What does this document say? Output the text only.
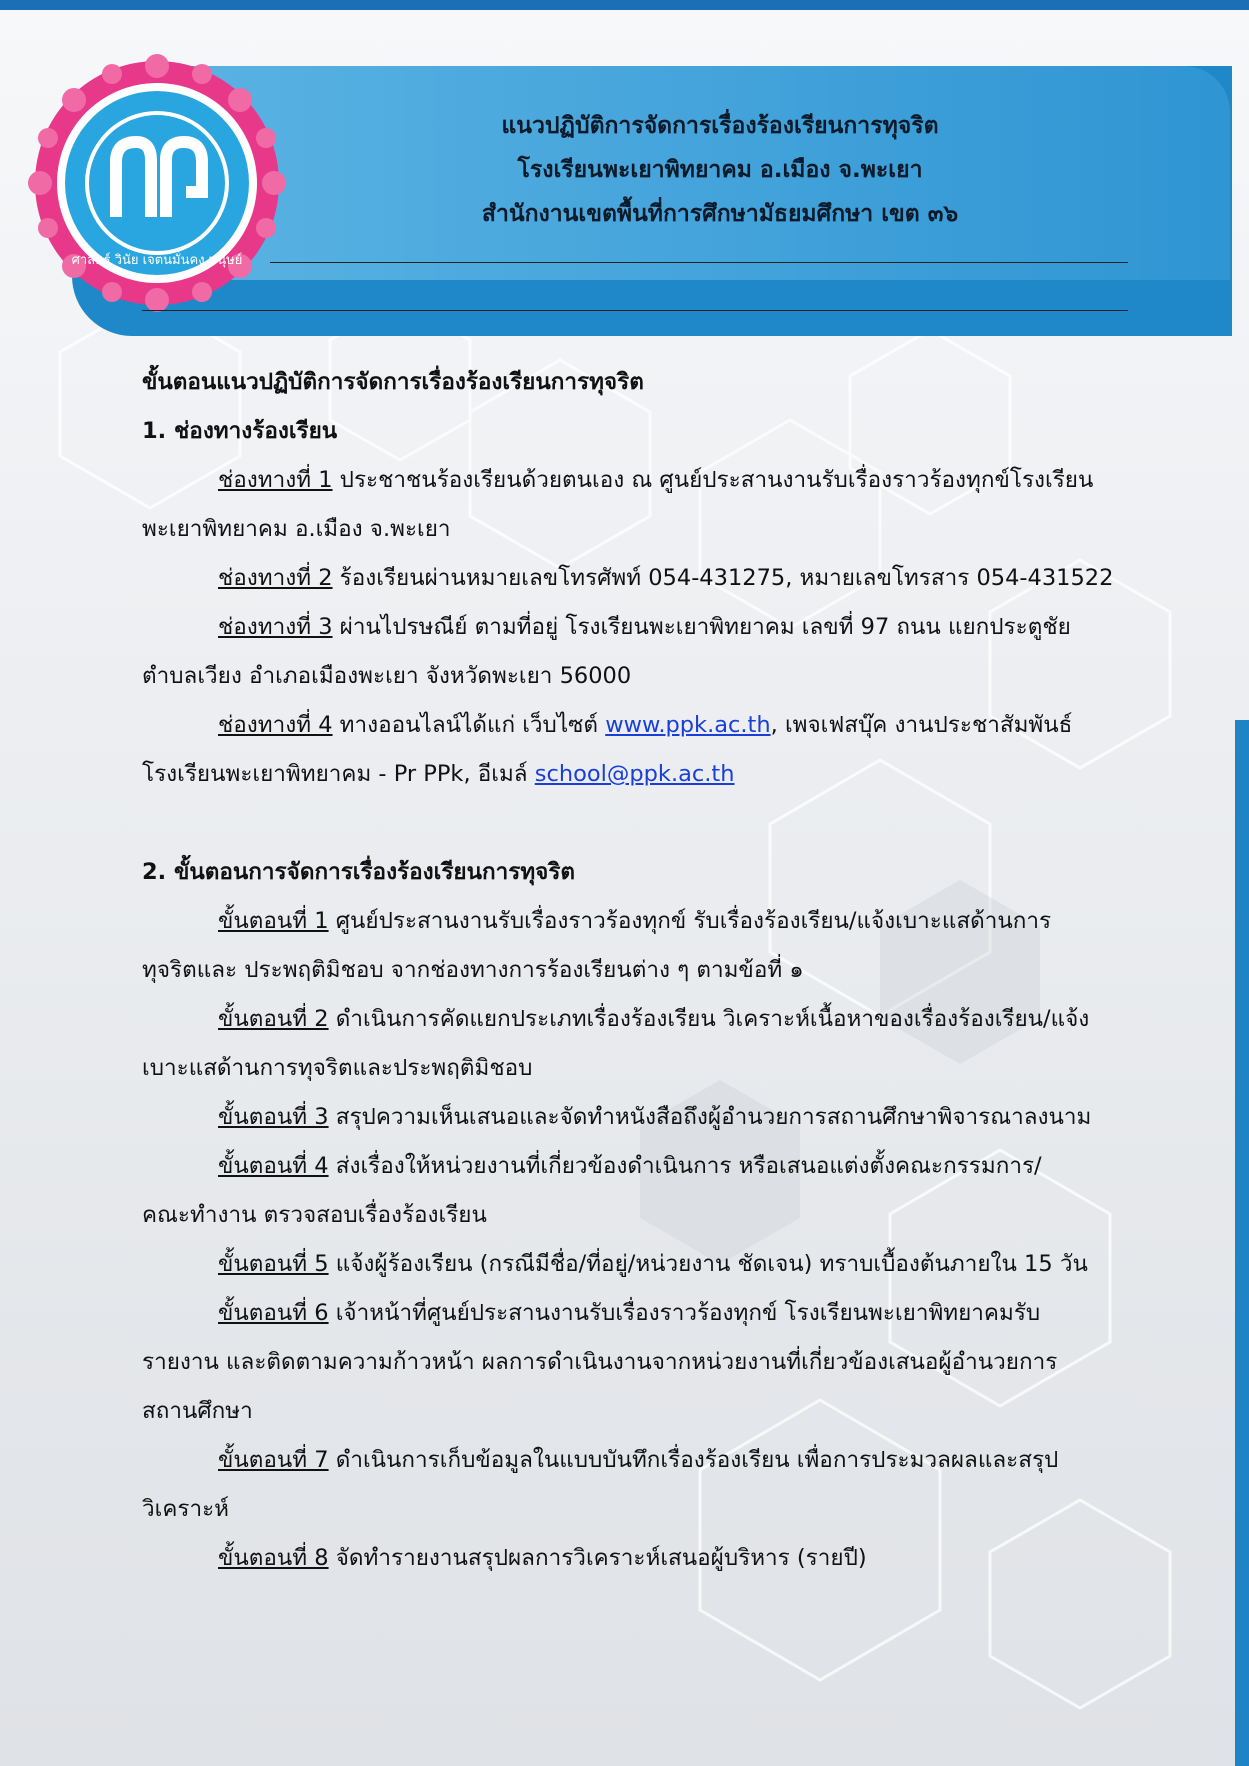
ศาสตร์ วินัย เจตนมั่นคง มนุษย์
แนวปฏิบัติการจัดการเรื่องร้องเรียนการทุจริต
โรงเรียนพะเยาพิทยาคม อ.เมือง จ.พะเยา
สำนักงานเขตพื้นที่การศึกษามัธยมศึกษา เขต ๓๖

ขั้นตอนแนวปฏิบัติการจัดการเรื่องร้องเรียนการทุจริต

1. ช่องทางร้องเรียน

ช่องทางที่ 1 ประชาชนร้องเรียนด้วยตนเอง ณ ศูนย์ประสานงานรับเรื่องราวร้องทุกข์โรงเรียน

พะเยาพิทยาคม อ.เมือง จ.พะเยา

ช่องทางที่ 2 ร้องเรียนผ่านหมายเลขโทรศัพท์ 054-431275, หมายเลขโทรสาร 054-431522

ช่องทางที่ 3 ผ่านไปรษณีย์ ตามที่อยู่ โรงเรียนพะเยาพิทยาคม เลขที่ 97 ถนน แยกประตูชัย

ตำบลเวียง อำเภอเมืองพะเยา จังหวัดพะเยา 56000

ช่องทางที่ 4 ทางออนไลน์ได้แก่ เว็บไซต์ www.ppk.ac.th, เพจเฟสบุ๊ค งานประชาสัมพันธ์

โรงเรียนพะเยาพิทยาคม - Pr PPk, อีเมล์ school@ppk.ac.th

2. ขั้นตอนการจัดการเรื่องร้องเรียนการทุจริต

ขั้นตอนที่ 1 ศูนย์ประสานงานรับเรื่องราวร้องทุกข์ รับเรื่องร้องเรียน/แจ้งเบาะแสด้านการ

ทุจริตและ ประพฤติมิชอบ จากช่องทางการร้องเรียนต่าง ๆ ตามข้อที่ ๑

ขั้นตอนที่ 2 ดำเนินการคัดแยกประเภทเรื่องร้องเรียน วิเคราะห์เนื้อหาของเรื่องร้องเรียน/แจ้ง

เบาะแสด้านการทุจริตและประพฤติมิชอบ

ขั้นตอนที่ 3 สรุปความเห็นเสนอและจัดทำหนังสือถึงผู้อำนวยการสถานศึกษาพิจารณาลงนาม

ขั้นตอนที่ 4 ส่งเรื่องให้หน่วยงานที่เกี่ยวข้องดำเนินการ หรือเสนอแต่งตั้งคณะกรรมการ/

คณะทำงาน ตรวจสอบเรื่องร้องเรียน

ขั้นตอนที่ 5 แจ้งผู้ร้องเรียน (กรณีมีชื่อ/ที่อยู่/หน่วยงาน ชัดเจน) ทราบเบื้องต้นภายใน 15 วัน

ขั้นตอนที่ 6 เจ้าหน้าที่ศูนย์ประสานงานรับเรื่องราวร้องทุกข์ โรงเรียนพะเยาพิทยาคมรับ

รายงาน และติดตามความก้าวหน้า ผลการดำเนินงานจากหน่วยงานที่เกี่ยวข้องเสนอผู้อำนวยการ

สถานศึกษา

ขั้นตอนที่ 7 ดำเนินการเก็บข้อมูลในแบบบันทึกเรื่องร้องเรียน เพื่อการประมวลผลและสรุป

วิเคราะห์

ขั้นตอนที่ 8 จัดทำรายงานสรุปผลการวิเคราะห์เสนอผู้บริหาร (รายปี)
